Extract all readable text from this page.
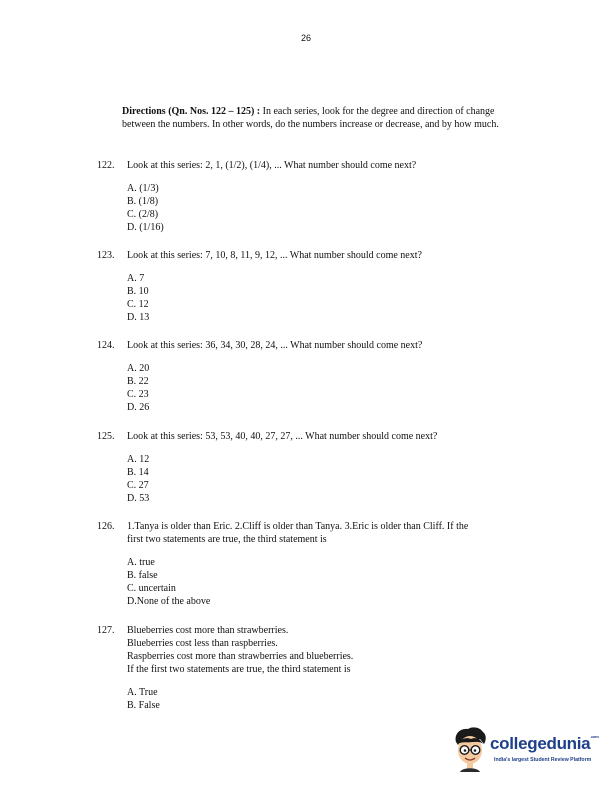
26
Directions (Qn. Nos. 122 – 125) : In each series, look for the degree and direction of change between the numbers. In other words, do the numbers increase or decrease, and by how much.
122. Look at this series: 2, 1, (1/2), (1/4), ... What number should come next?
A. (1/3)
B. (1/8)
C. (2/8)
D. (1/16)
123. Look at this series: 7, 10, 8, 11, 9, 12, ... What number should come next?
A. 7
B. 10
C. 12
D. 13
124. Look at this series: 36, 34, 30, 28, 24, ... What number should come next?
A. 20
B. 22
C. 23
D. 26
125. Look at this series: 53, 53, 40, 40, 27, 27, ... What number should come next?
A. 12
B. 14
C. 27
D. 53
126. 1.Tanya is older than Eric. 2.Cliff is older than Tanya. 3.Eric is older than Cliff. If the
first two statements are true, the third statement is
A. true
B. false
C. uncertain
D.None of the above
127. Blueberries cost more than strawberries.
Blueberries cost less than raspberries.
Raspberries cost more than strawberries and blueberries.
If the first two statements are true, the third statement is
A. True
B. False
collegedunia$^{.com}$
India's largest Student Review Platform
